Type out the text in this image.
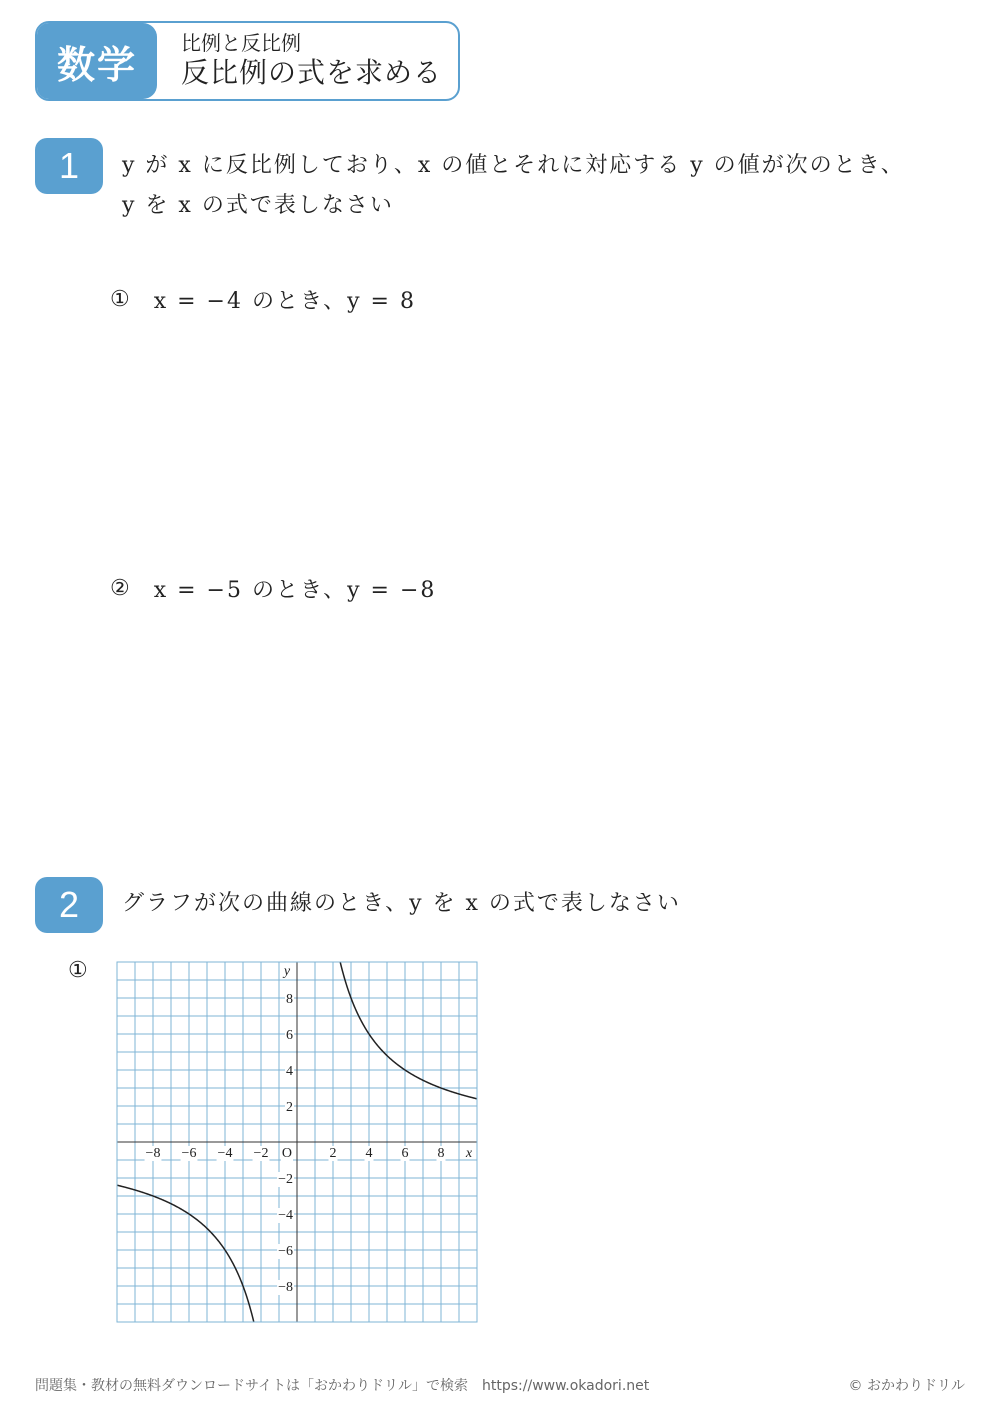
数学	比例と反比例
反比例の式を求める
1	y が x に反比例しており、x の値とそれに対応する y の値が次のとき、
y を x の式で表しなさい
① x = −4 のとき、y = 8
② x = −5 のとき、y = −8
2	グラフが次の曲線のとき、y を x の式で表しなさい
①
−8 −6 −4 −2	2 4 6 8
8
6
4
2
−2
−4
−6
−8
O	x
y
問題集・教材の無料ダウンロードサイトは「おかわりドリル」で検索　https://www.okadori.net	© おかわりドリル
